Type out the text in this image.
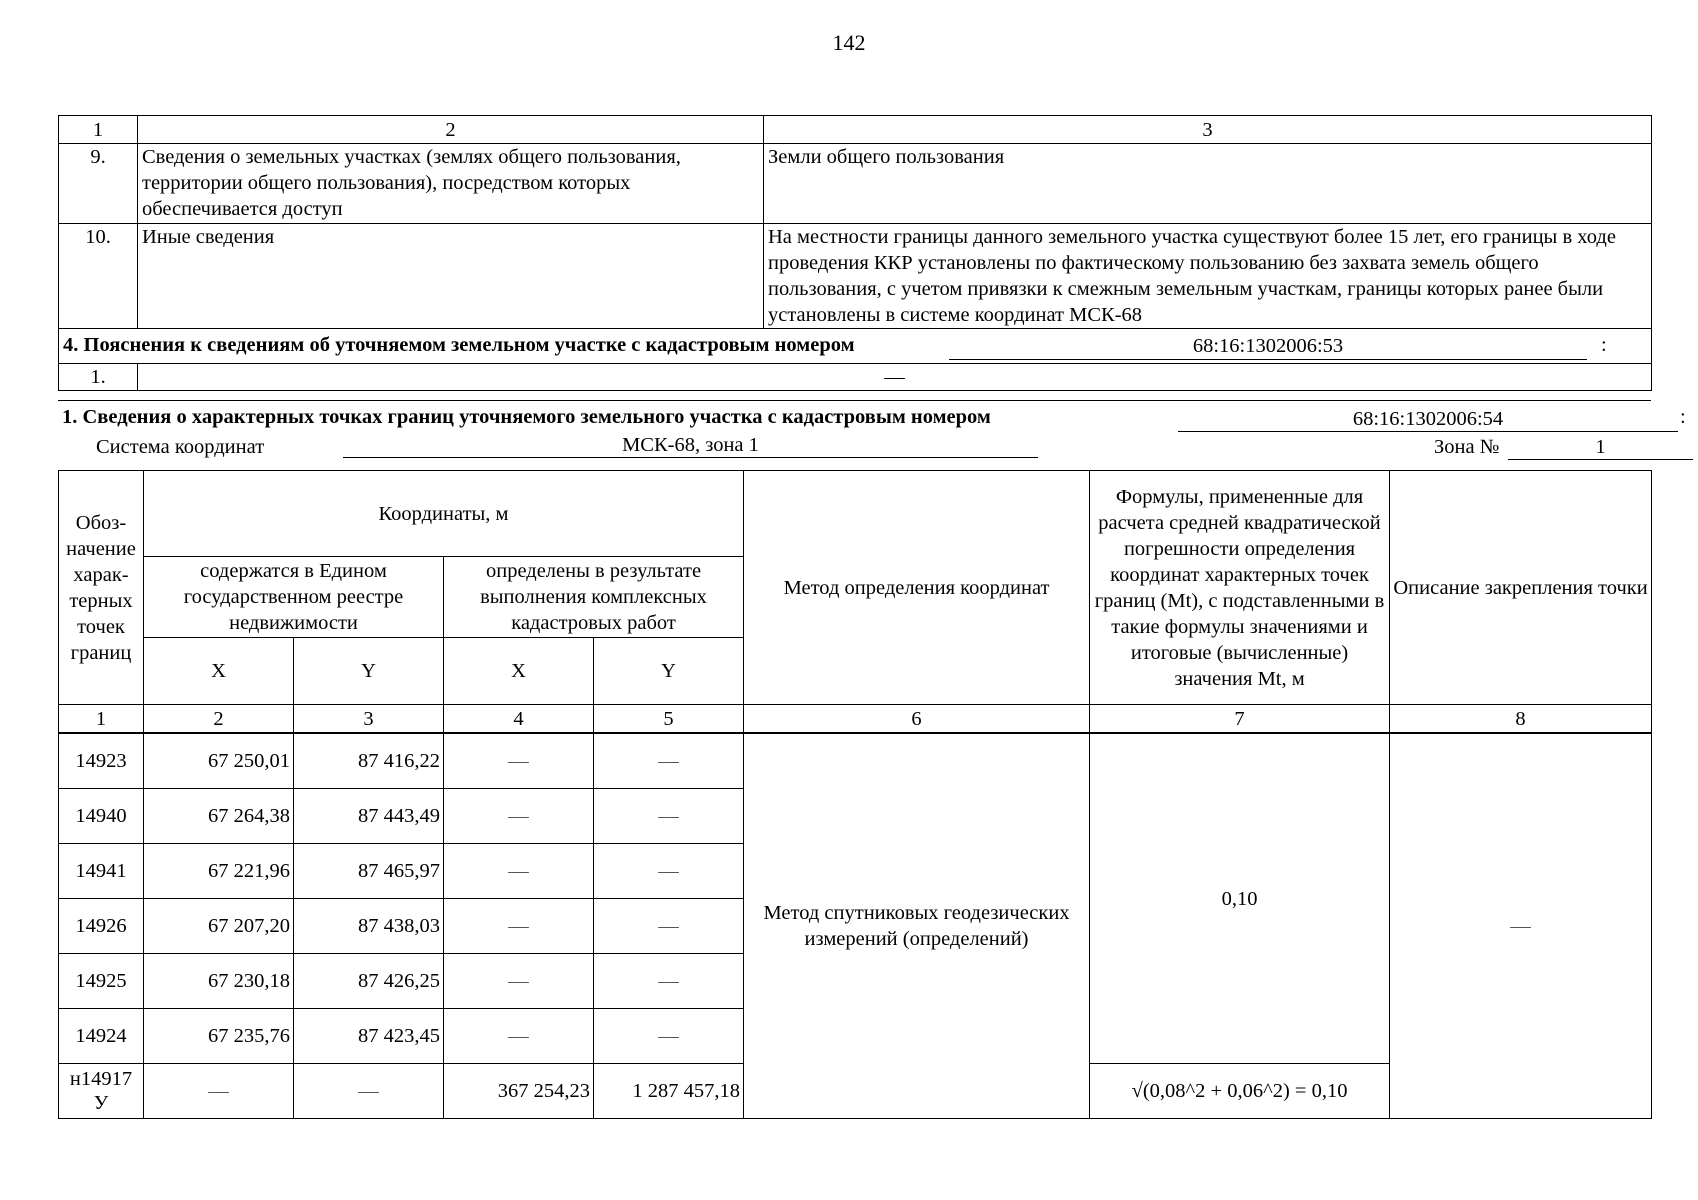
142
1	2	3
9.	Сведения о земельных участках (землях общего пользования, территории общего пользования), посредством которых обеспечивается доступ	Земли общего пользования
10.	Иные сведения	На местности границы данного земельного участка существуют более 15 лет, его границы в ходе проведения ККР установлены по фактическому пользованию без захвата земель общего пользования, с учетом привязки к смежным земельным участкам, границы которых ранее были установлены в системе координат МСК-68

4. Пояснения к сведениям об уточняемом земельном участке с кадастровым номером 68:16:1302006:53 :		

1.	—	
1. Сведения о характерных точках границ уточняемого земельного участка с кадастровым номером	68:16:1302006:54	:
Система координат	МСК-68, зона 1	Зона №	1
Обоз-начение харак-терных точек границ	Координаты, м				Метод определения координат	Формулы, примененные для расчета средней квадратической погрешности определения координат характерных точек границ (Mt), с подставленными в такие формулы значениями и итоговые (вычисленные) значения Mt, м	Описание закрепления точки
	содержатся в Едином государственном реестре недвижимости		определены в результате выполнения комплексных кадастровых работ				
	X	Y	X	Y			
1	2	3	4	5	6	7	8
14923	67 250,01	87 416,22	—	—	Метод спутниковых геодезических измерений (определений)	0,10	—
14940	67 264,38	87 443,49	—	—			
14941	67 221,96	87 465,97	—	—			
14926	67 207,20	87 438,03	—	—			
14925	67 230,18	87 426,25	—	—			
14924	67 235,76	87 423,45	—	—			
н14917 У	—	—	367 254,23	1 287 457,18		√(0,08^2 + 0,06^2) = 0,10	
